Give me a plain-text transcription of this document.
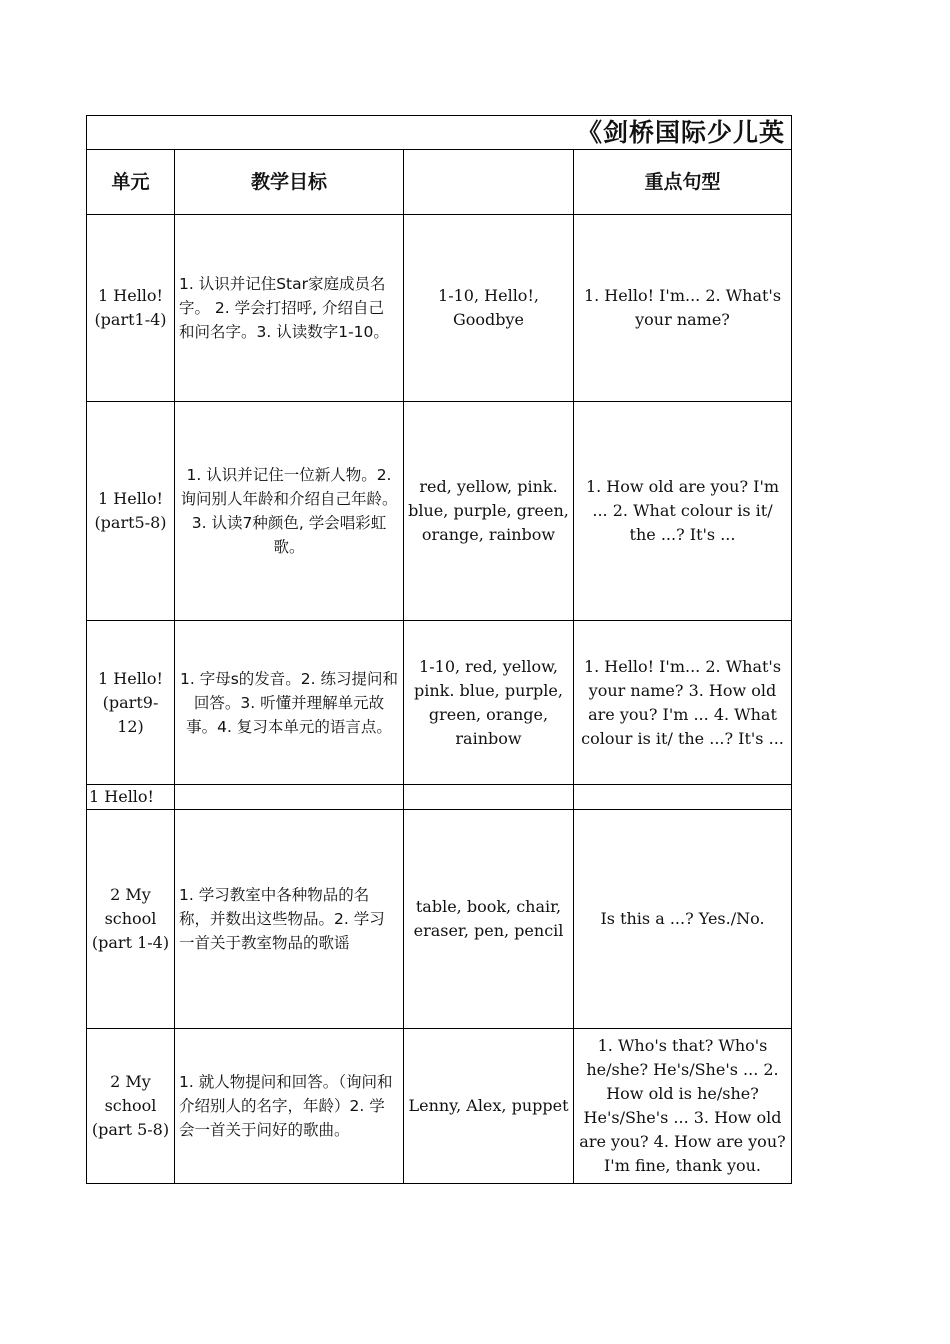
《剑桥国际少儿英			

单元	教学目标		重点句型
1 Hello! (part1-4)	1. 认识并记住Star家庭成员名字。 2. 学会打招呼, 介绍自己和问名字。3. 认读数字1-10。	1-10, Hello!, Goodbye	1. Hello! I'm... 2. What's your name?
1 Hello! (part5-8)	1. 认识并记住一位新人物。2. 询问别人年龄和介绍自己年龄。3. 认读7种颜色, 学会唱彩虹歌。	red, yellow, pink. blue, purple, green, orange, rainbow	1. How old are you? I'm ... 2. What colour is it/ the ...? It's ...
1 Hello! (part9-12)	1. 字母s的发音。2. 练习提问和回答。3. 听懂并理解单元故事。4. 复习本单元的语言点。	1-10, red, yellow, pink. blue, purple, green, orange, rainbow	1. Hello! I'm... 2. What's your name? 3. How old are you? I'm ... 4. What colour is it/ the ...? It's ...
1 Hello!			
2 My school (part 1-4)	1. 学习教室中各种物品的名称，并数出这些物品。2. 学习一首关于教室物品的歌谣	table, book, chair, eraser, pen, pencil	Is this a ...? Yes./No.
2 My school (part 5-8)	1. 就人物提问和回答。（询问和介绍别人的名字，年龄）2. 学会一首关于问好的歌曲。	Lenny, Alex, puppet	1. Who's that? Who's he/she? He's/She's ... 2. How old is he/she? He's/She's ... 3. How old are you? 4. How are you? I'm fine, thank you.
